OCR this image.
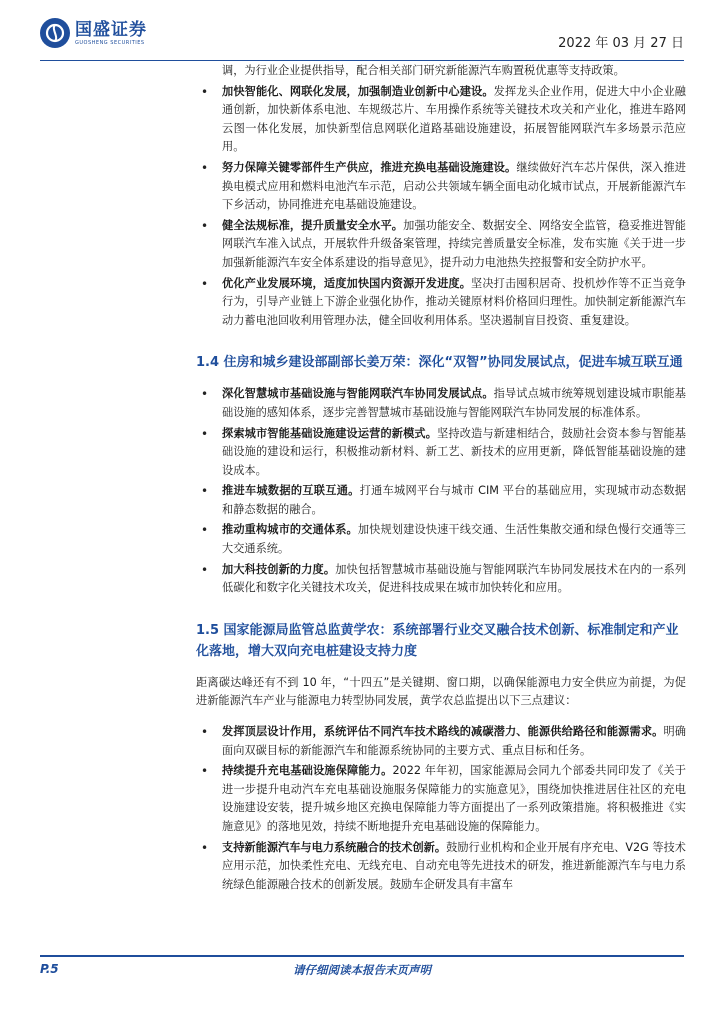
国盛证券
GUOSHENG SECURITIES	2022 年 03 月 27 日
调，为行业企业提供指导，配合相关部门研究新能源汽车购置税优惠等支持政策。
• 加快智能化、网联化发展，加强制造业创新中心建设。发挥龙头企业作用，促进大中小企业融通创新，加快新体系电池、车规级芯片、车用操作系统等关键技术攻关和产业化，推进车路网云图一体化发展，加快新型信息网联化道路基础设施建设，拓展智能网联汽车多场景示范应用。
• 努力保障关键零部件生产供应，推进充换电基础设施建设。继续做好汽车芯片保供，深入推进换电模式应用和燃料电池汽车示范，启动公共领域车辆全面电动化城市试点，开展新能源汽车下乡活动，协同推进充电基础设施建设。
• 健全法规标准，提升质量安全水平。加强功能安全、数据安全、网络安全监管，稳妥推进智能网联汽车准入试点，开展软件升级备案管理，持续完善质量安全标准，发布实施《关于进一步加强新能源汽车安全体系建设的指导意见》，提升动力电池热失控报警和安全防护水平。
• 优化产业发展环境，适度加快国内资源开发进度。坚决打击囤积居奇、投机炒作等不正当竞争行为，引导产业链上下游企业强化协作，推动关键原材料价格回归理性。加快制定新能源汽车动力蓄电池回收利用管理办法，健全回收利用体系。坚决遏制盲目投资、重复建设。
1.4 住房和城乡建设部副部长姜万荣：深化“双智”协同发展试点，促进车城互联互通
• 深化智慧城市基础设施与智能网联汽车协同发展试点。指导试点城市统筹规划建设城市职能基础设施的感知体系，逐步完善智慧城市基础设施与智能网联汽车协同发展的标准体系。
• 探索城市智能基础设施建设运营的新模式。坚持改造与新建相结合，鼓励社会资本参与智能基础设施的建设和运行，积极推动新材料、新工艺、新技术的应用更新，降低智能基础设施的建设成本。
• 推进车城数据的互联互通。打通车城网平台与城市 CIM 平台的基础应用，实现城市动态数据和静态数据的融合。
• 推动重构城市的交通体系。加快规划建设快速干线交通、生活性集散交通和绿色慢行交通等三大交通系统。
• 加大科技创新的力度。加快包括智慧城市基础设施与智能网联汽车协同发展技术在内的一系列低碳化和数字化关键技术攻关，促进科技成果在城市加快转化和应用。
1.5 国家能源局监管总监黄学农：系统部署行业交叉融合技术创新、标准制定和产业化落地，增大双向充电桩建设支持力度

距离碳达峰还有不到 10 年，“十四五”是关键期、窗口期，以确保能源电力安全供应为前提，为促进新能源汽车产业与能源电力转型协同发展，黄学农总监提出以下三点建议：

• 发挥顶层设计作用，系统评估不同汽车技术路线的减碳潜力、能源供给路径和能源需求。明确面向双碳目标的新能源汽车和能源系统协同的主要方式、重点目标和任务。
• 持续提升充电基础设施保障能力。2022 年年初，国家能源局会同九个部委共同印发了《关于进一步提升电动汽车充电基础设施服务保障能力的实施意见》，围绕加快推进居住社区的充电设施建设安装，提升城乡地区充换电保障能力等方面提出了一系列政策措施。将积极推进《实施意见》的落地见效，持续不断地提升充电基础设施的保障能力。
• 支持新能源汽车与电力系统融合的技术创新。鼓励行业机构和企业开展有序充电、V2G 等技术应用示范，加快柔性充电、无线充电、自动充电等先进技术的研发，推进新能源汽车与电力系统绿色能源融合技术的创新发展。鼓励车企研发具有丰富车
P.5	请仔细阅读本报告末页声明
